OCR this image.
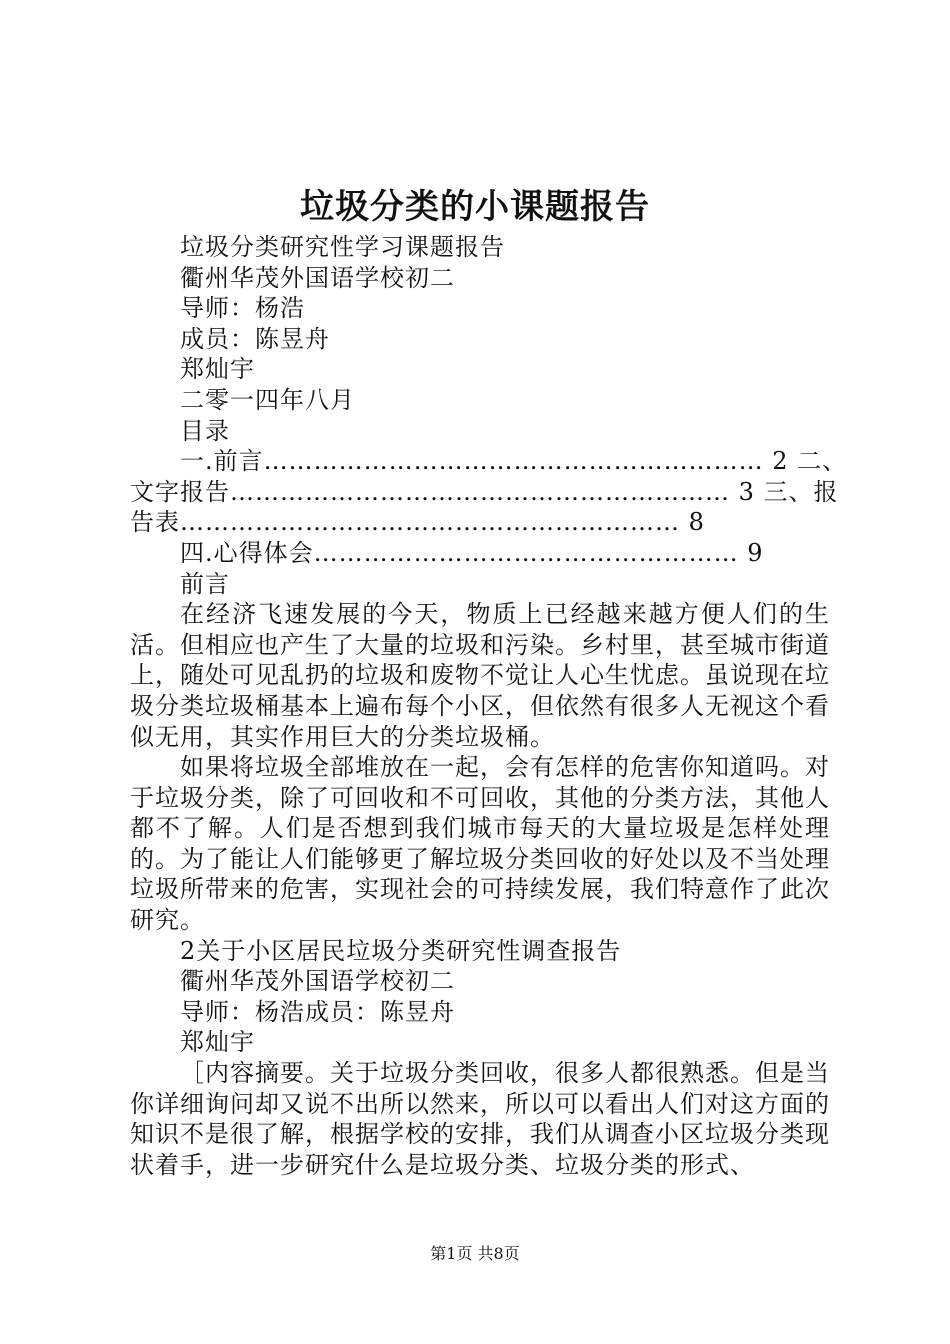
垃圾分类的小课题报告
垃圾分类研究性学习课题报告
衢州华茂外国语学校初二
导师：杨浩
成员：陈昱舟
郑灿宇
二零一四年八月
目录
一.前言…………………………………………………… 2 二、
文字报告…………………………………………………… 3 三、报
告表…………………………………………………… 8
四.心得体会…………………………………………… 9
前言
在经济飞速发展的今天，物质上已经越来越方便人们的生活。但相应也产生了大量的垃圾和污染。乡村里，甚至城市街道上，随处可见乱扔的垃圾和废物不觉让人心生忧虑。虽说现在垃圾分类垃圾桶基本上遍布每个小区，但依然有很多人无视这个看似无用，其实作用巨大的分类垃圾桶。
如果将垃圾全部堆放在一起，会有怎样的危害你知道吗。对于垃圾分类，除了可回收和不可回收，其他的分类方法，其他人都不了解。人们是否想到我们城市每天的大量垃圾是怎样处理的。为了能让人们能够更了解垃圾分类回收的好处以及不当处理垃圾所带来的危害，实现社会的可持续发展，我们特意作了此次研究。
2关于小区居民垃圾分类研究性调查报告
衢州华茂外国语学校初二
导师：杨浩成员：陈昱舟
郑灿宇
［内容摘要。关于垃圾分类回收，很多人都很熟悉。但是当你详细询问却又说不出所以然来，所以可以看出人们对这方面的知识不是很了解，根据学校的安排，我们从调查小区垃圾分类现状着手，进一步研究什么是垃圾分类、垃圾分类的形式、
第1页 共8页
